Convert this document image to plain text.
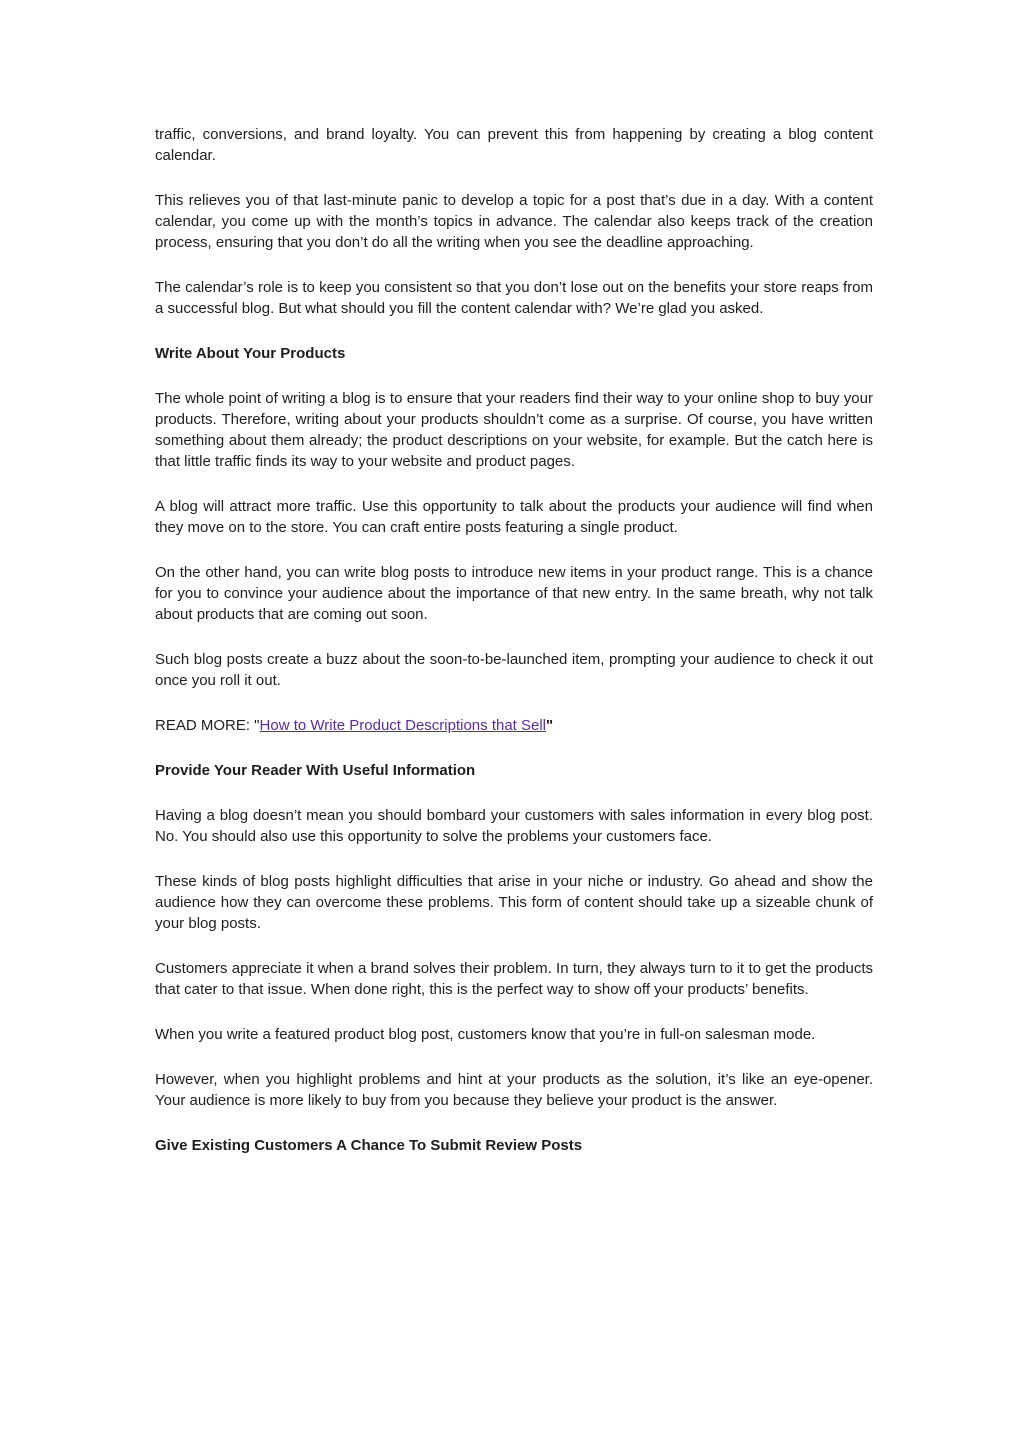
traffic, conversions, and brand loyalty. You can prevent this from happening by creating a blog content calendar.

This relieves you of that last-minute panic to develop a topic for a post that’s due in a day. With a content calendar, you come up with the month’s topics in advance. The calendar also keeps track of the creation process, ensuring that you don’t do all the writing when you see the deadline approaching.

The calendar’s role is to keep you consistent so that you don’t lose out on the benefits your store reaps from a successful blog. But what should you fill the content calendar with? We’re glad you asked.

Write About Your Products

The whole point of writing a blog is to ensure that your readers find their way to your online shop to buy your products. Therefore, writing about your products shouldn’t come as a surprise. Of course, you have written something about them already; the product descriptions on your website, for example. But the catch here is that little traffic finds its way to your website and product pages.

A blog will attract more traffic. Use this opportunity to talk about the products your audience will find when they move on to the store. You can craft entire posts featuring a single product.

On the other hand, you can write blog posts to introduce new items in your product range. This is a chance for you to convince your audience about the importance of that new entry. In the same breath, why not talk about products that are coming out soon.

Such blog posts create a buzz about the soon-to-be-launched item, prompting your audience to check it out once you roll it out.

READ MORE: "How to Write Product Descriptions that Sell"

Provide Your Reader With Useful Information

Having a blog doesn’t mean you should bombard your customers with sales information in every blog post. No. You should also use this opportunity to solve the problems your customers face.

These kinds of blog posts highlight difficulties that arise in your niche or industry. Go ahead and show the audience how they can overcome these problems. This form of content should take up a sizeable chunk of your blog posts.

Customers appreciate it when a brand solves their problem. In turn, they always turn to it to get the products that cater to that issue. When done right, this is the perfect way to show off your products’ benefits.

When you write a featured product blog post, customers know that you’re in full-on salesman mode.

However, when you highlight problems and hint at your products as the solution, it’s like an eye-opener. Your audience is more likely to buy from you because they believe your product is the answer.

Give Existing Customers A Chance To Submit Review Posts
